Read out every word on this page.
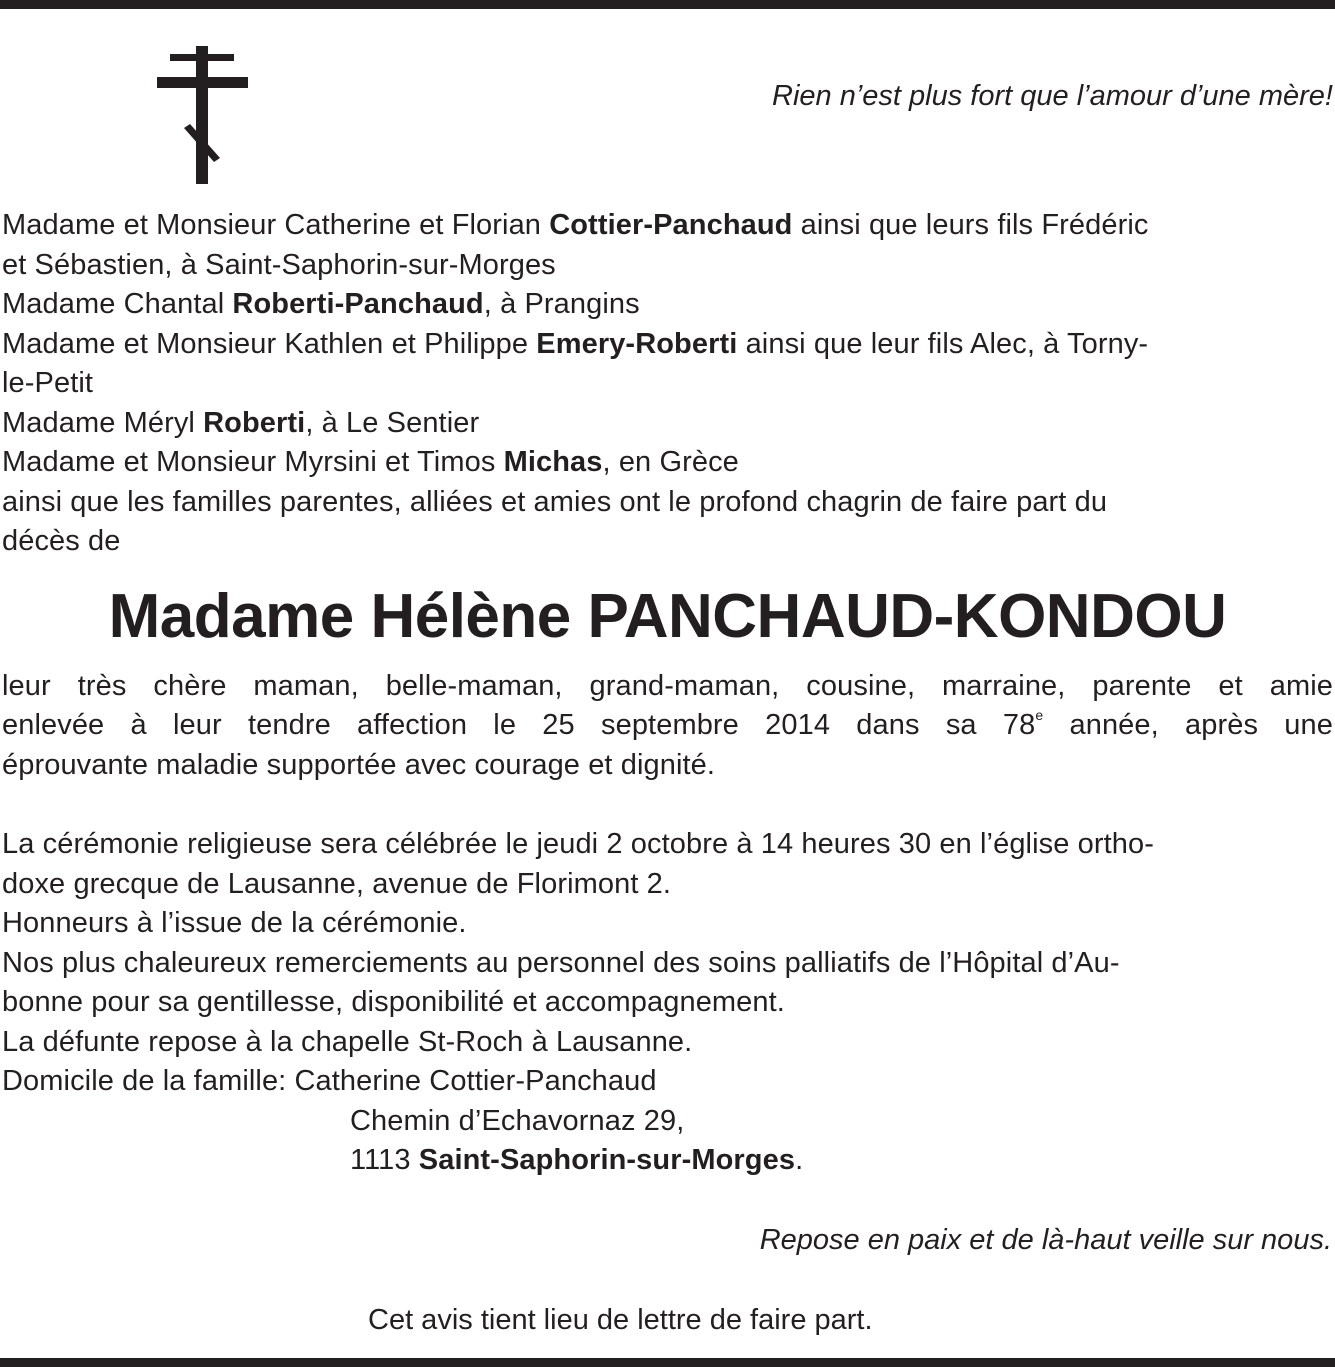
Rien n’est plus fort que l’amour d’une mère!
Madame et Monsieur Catherine et Florian Cottier-Panchaud ainsi que leurs fils Frédéric
et Sébastien, à Saint-Saphorin-sur-Morges
Madame Chantal Roberti-Panchaud, à Prangins
Madame et Monsieur Kathlen et Philippe Emery-Roberti ainsi que leur fils Alec, à Torny-
le-Petit
Madame Méryl Roberti, à Le Sentier
Madame et Monsieur Myrsini et Timos Michas, en Grèce
ainsi que les familles parentes, alliées et amies ont le profond chagrin de faire part du
décès de
Madame Hélène PANCHAUD-KONDOU
leur très chère maman, belle-maman, grand-maman, cousine, marraine, parente et amie
enlevée à leur tendre affection le 25 septembre 2014 dans sa 78e année, après une
éprouvante maladie supportée avec courage et dignité.
La cérémonie religieuse sera célébrée le jeudi 2 octobre à 14 heures 30 en l’église ortho-
doxe grecque de Lausanne, avenue de Florimont 2.
Honneurs à l’issue de la cérémonie.
Nos plus chaleureux remerciements au personnel des soins palliatifs de l’Hôpital d’Au-
bonne pour sa gentillesse, disponibilité et accompagnement.
La défunte repose à la chapelle St-Roch à Lausanne.
Domicile de la famille: Catherine Cottier-Panchaud
Chemin d’Echavornaz 29,
1113 Saint-Saphorin-sur-Morges.
Repose en paix et de là-haut veille sur nous.
Cet avis tient lieu de lettre de faire part.
